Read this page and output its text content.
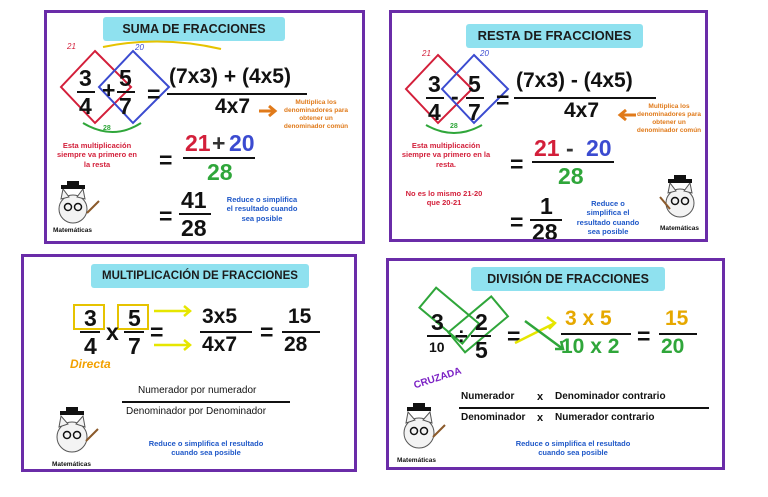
SUMA DE FRACCIONES
21	20
28
3
4
+ 5
7 =
(7x3) + (4x5)
4x7	Multiplica los denominadores para obtener un denominador común
Esta multiplicación siempre va primero en la resta	=
21 + 20
28
Matemáticas
=
41
28
Reduce o simplifica el resultado cuando sea posible
RESTA DE FRACCIONES
21	20
28
3
4
- 5
7 =
(7x3) - (4x5)
4x7	Multiplica los denominadores para obtener un denominador común
Esta multiplicación siempre va primero en la resta.
No es lo mismo 21-20 que 20-21
=
21 - 20
28
=
1
28
Reduce o simplifica el resultado cuando sea posible	Matemáticas
MULTIPLICACIÓN DE FRACCIONES
3
4
x
5
7
Directa
=
3x5
4x7 =
15
28
Numerador por numerador
Denominador por Denominador
Reduce o simplifica el resultado cuando sea posible
Matemáticas
DIVISIÓN DE FRACCIONES
3
10 ÷
2
5
=
3 x 5
10 x 2 =
15
20
CRUZADA
Numerador x Denominador contrario
Denominador x Numerador contrario
Reduce o simplifica el resultado cuando sea posible
Matemáticas
